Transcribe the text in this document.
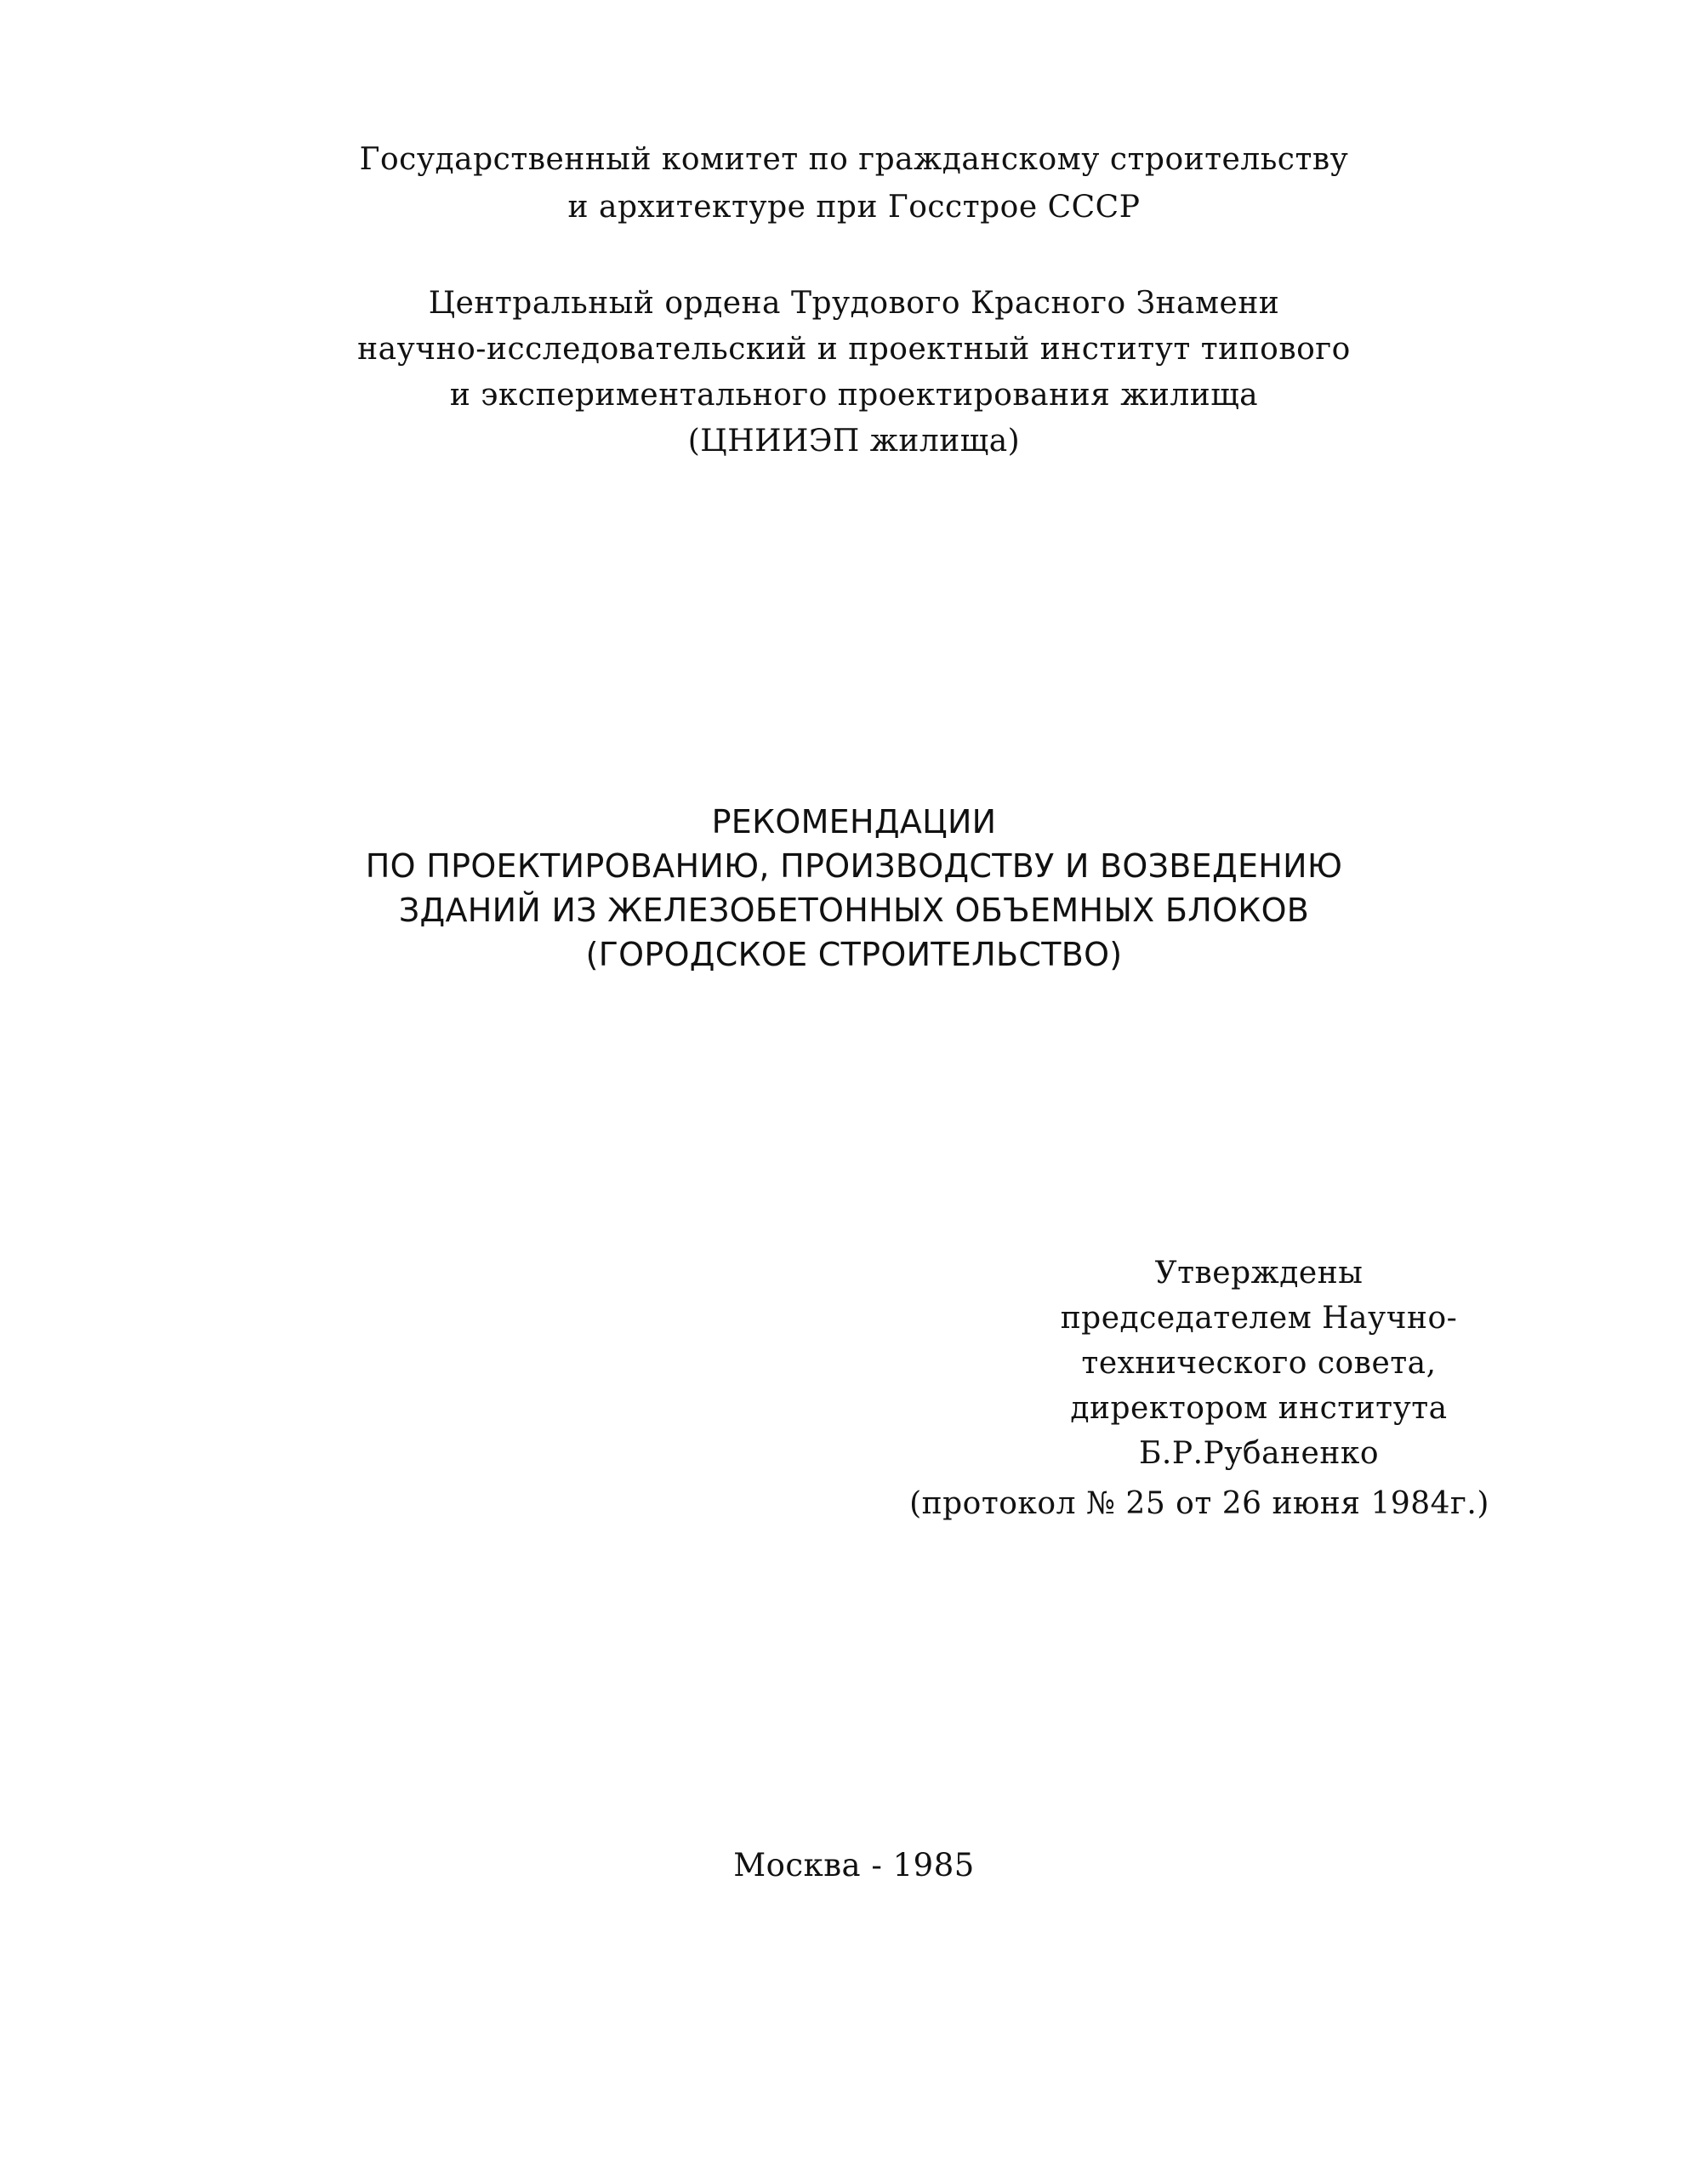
Государственный комитет по гражданскому строительству
и архитектуре при Госстрое СССР
Центральный ордена Трудового Красного Знамени
научно-исследовательский и проектный институт типового
и экспериментального проектирования жилища
(ЦНИИЭП жилища)
РЕКОМЕНДАЦИИ
ПО ПРОЕКТИРОВАНИЮ, ПРОИЗВОДСТВУ И ВОЗВЕДЕНИЮ
ЗДАНИЙ ИЗ ЖЕЛЕЗОБЕТОННЫХ ОБЪЕМНЫХ БЛОКОВ
(ГОРОДСКОЕ СТРОИТЕЛЬСТВО)
Утверждены
председателем Научно-
технического совета,
директором института
Б.Р.Рубаненко
(протокол № 25 от 26 июня 1984г.)
Москва - 1985
